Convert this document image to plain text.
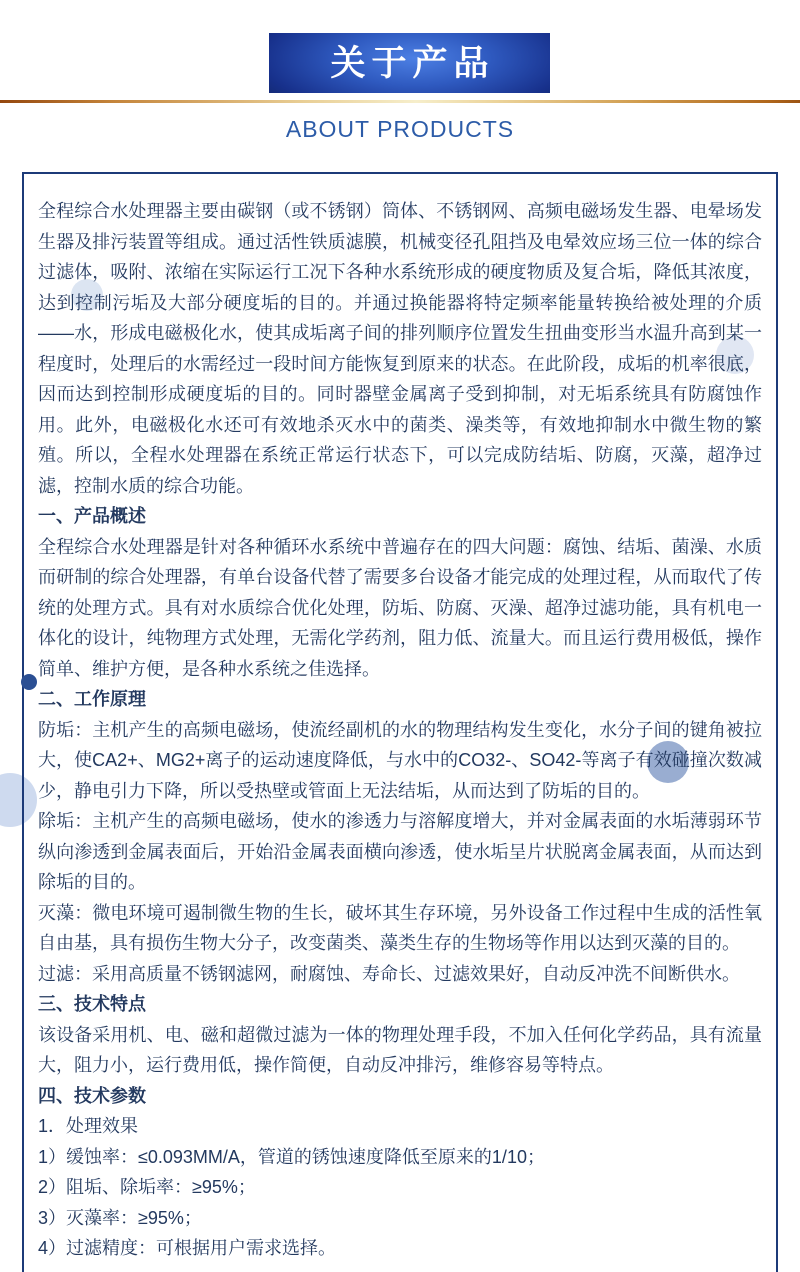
关于产品
ABOUT PRODUCTS

全程综合水处理器主要由碳钢（或不锈钢）筒体、不锈钢网、高频电磁场发生器、电晕场发生器及排污装置等组成。通过活性铁质滤膜，机械变径孔阻挡及电晕效应场三位一体的综合过滤体，吸附、浓缩在实际运行工况下各种水系统形成的硬度物质及复合垢，降低其浓度，达到控制污垢及大部分硬度垢的目的。并通过换能器将特定频率能量转换给被处理的介质——水，形成电磁极化水，使其成垢离子间的排列顺序位置发生扭曲变形当水温升高到某一程度时，处理后的水需经过一段时间方能恢复到原来的状态。在此阶段，成垢的机率很底，因而达到控制形成硬度垢的目的。同时器壁金属离子受到抑制，对无垢系统具有防腐蚀作用。此外，电磁极化水还可有效地杀灭水中的菌类、澡类等，有效地抑制水中微生物的繁殖。所以，全程水处理器在系统正常运行状态下，可以完成防结垢、防腐，灭藻，超净过滤，控制水质的综合功能。

一、产品概述

全程综合水处理器是针对各种循环水系统中普遍存在的四大问题：腐蚀、结垢、菌澡、水质而研制的综合处理器，有单台设备代替了需要多台设备才能完成的处理过程，从而取代了传统的处理方式。具有对水质综合优化处理，防垢、防腐、灭澡、超净过滤功能，具有机电一体化的设计，纯物理方式处理，无需化学药剂，阻力低、流量大。而且运行费用极低，操作简单、维护方便，是各种水系统之佳选择。

二、工作原理

防垢：主机产生的高频电磁场，使流经副机的水的物理结构发生变化，水分子间的键角被拉大，使CA2+、MG2+离子的运动速度降低，与水中的CO32-、SO42-等离子有效碰撞次数减少，静电引力下降，所以受热壁或管面上无法结垢，从而达到了防垢的目的。

除垢：主机产生的高频电磁场，使水的渗透力与溶解度增大，并对金属表面的水垢薄弱环节纵向渗透到金属表面后，开始沿金属表面横向渗透，使水垢呈片状脱离金属表面，从而达到除垢的目的。

灭藻：微电环境可遏制微生物的生长，破坏其生存环境，另外设备工作过程中生成的活性氧自由基，具有损伤生物大分子，改变菌类、藻类生存的生物场等作用以达到灭藻的目的。

过滤：采用高质量不锈钢滤网，耐腐蚀、寿命长、过滤效果好，自动反冲洗不间断供水。

三、技术特点

该设备采用机、电、磁和超微过滤为一体的物理处理手段，不加入任何化学药品，具有流量大，阻力小，运行费用低，操作简便，自动反冲排污，维修容易等特点。

四、技术参数

1．处理效果

1）缓蚀率：≤0.093MM/A，管道的锈蚀速度降低至原来的1/10；

2）阻垢、除垢率：≥95%；

3）灭藻率：≥95%；

4）过滤精度：可根据用户需求选择。
